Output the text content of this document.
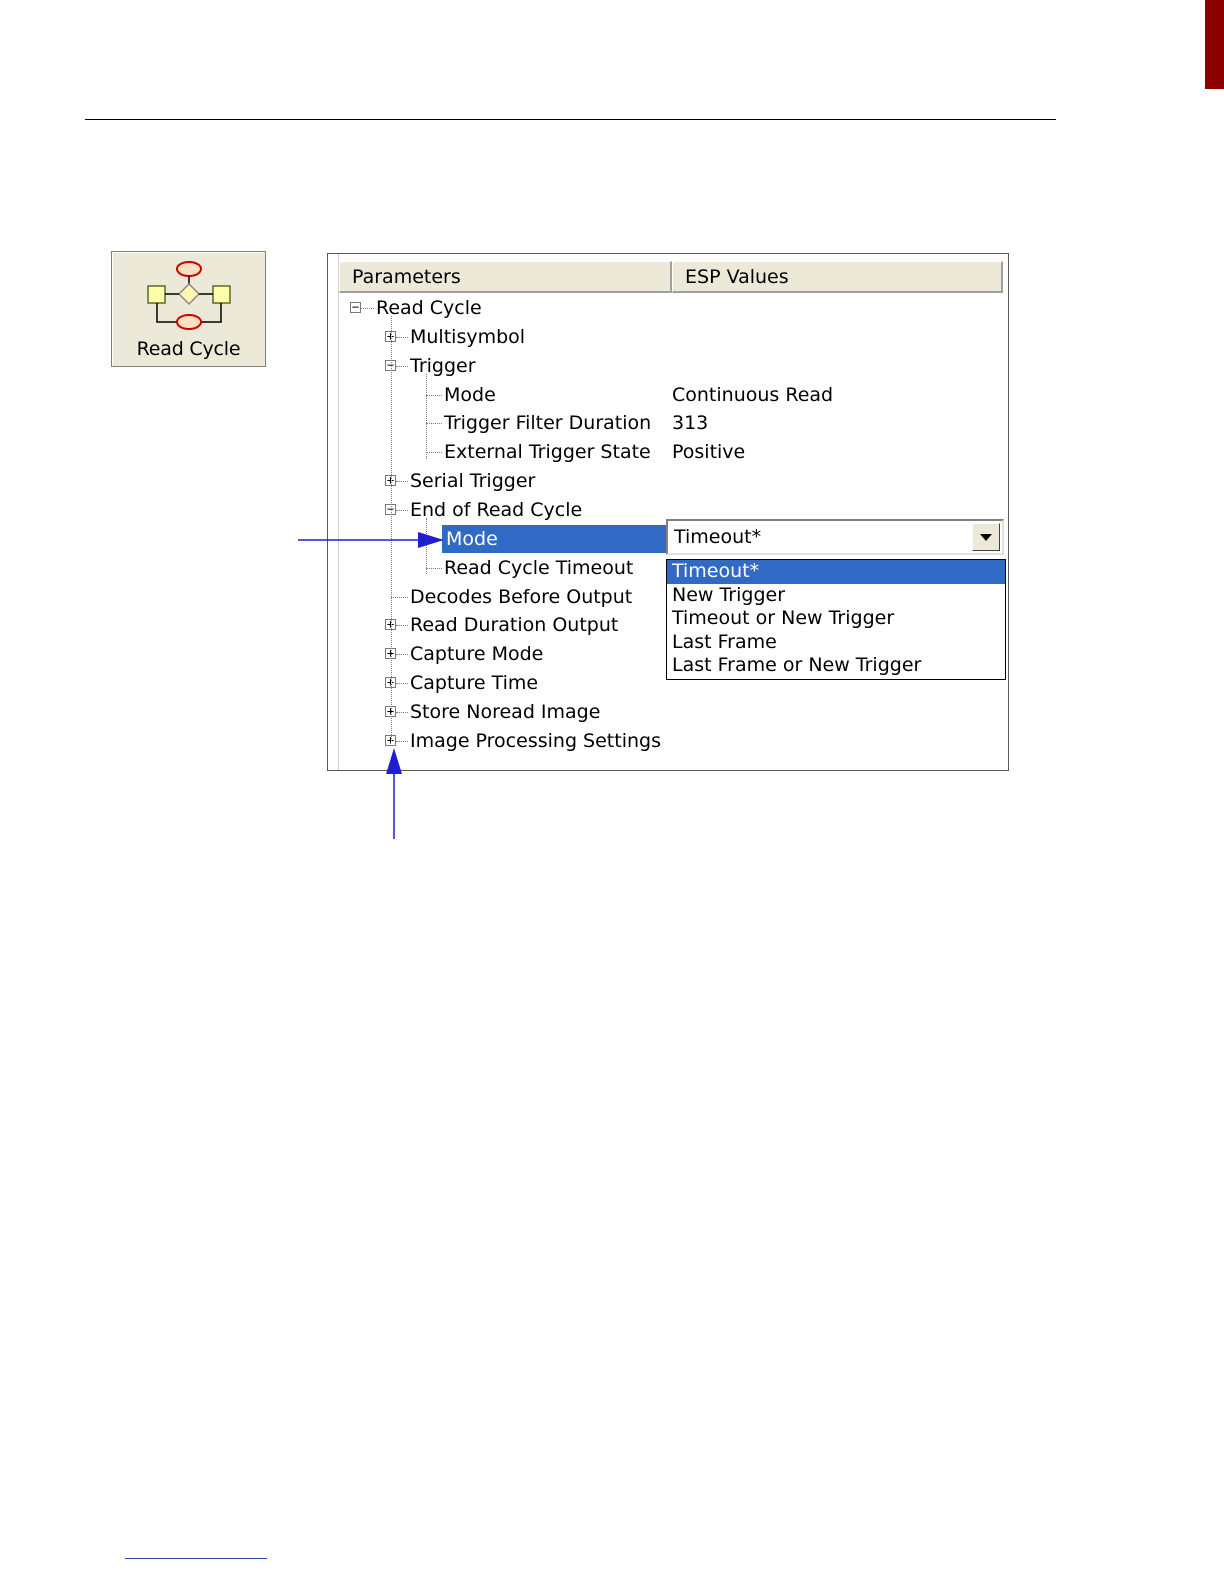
Read Cycle
Parameters	ESP Values
− Read Cycle
+ Multisymbol
− Trigger
Mode	Continuous Read
Trigger Filter Duration 313
External Trigger State Positive
+ Serial Trigger
− End of Read Cycle
Mode
Read Cycle Timeout
Decodes Before Output
+ Read Duration Output
+ Capture Mode
+ Capture Time
+ Store Noread Image
+ Image Processing Settings
Timeout*
Timeout*
New Trigger
Timeout or New Trigger
Last Frame
Last Frame or New Trigger
